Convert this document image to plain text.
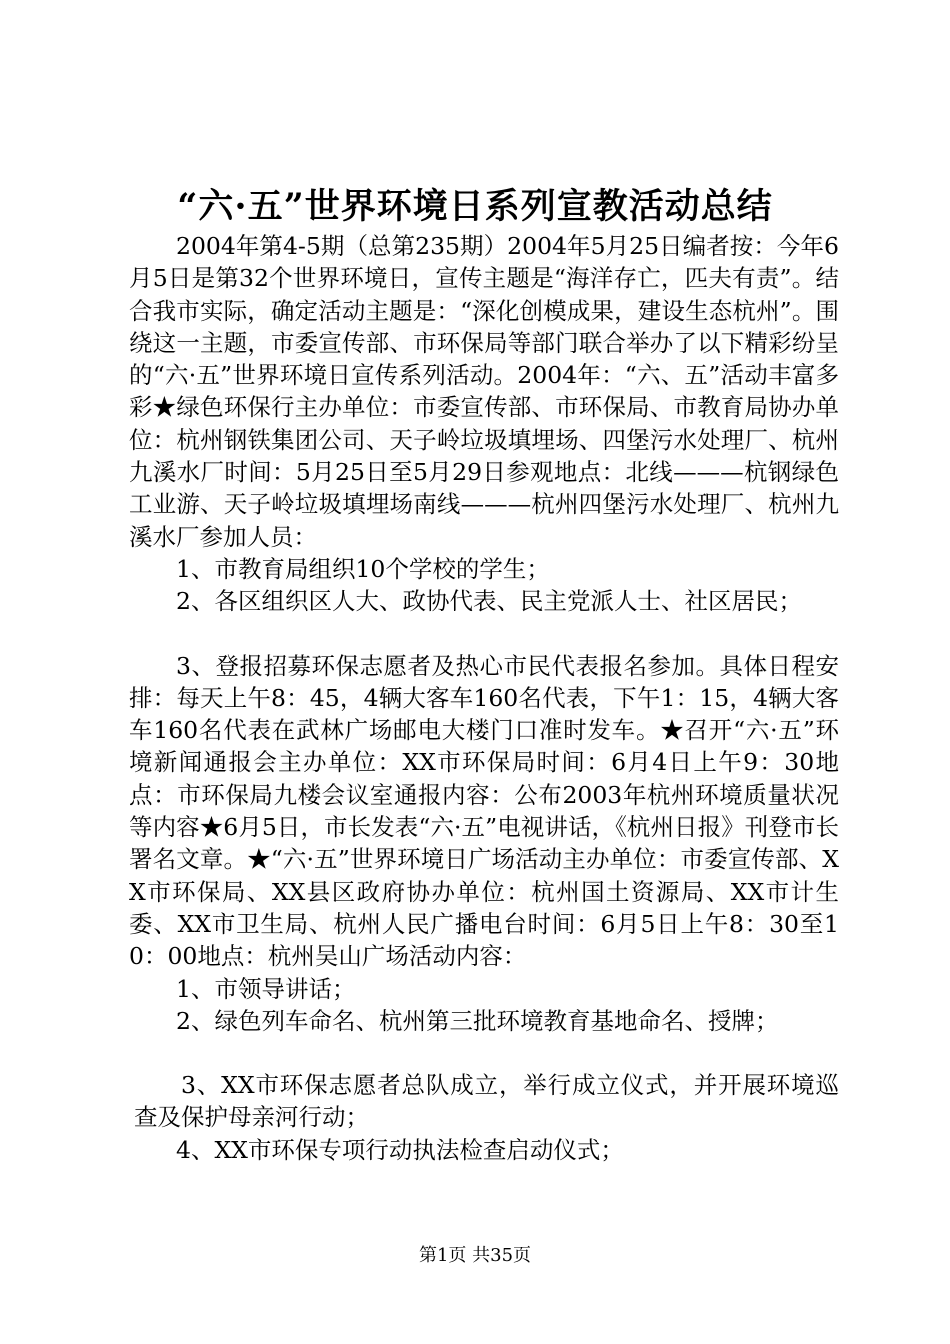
“六·五”世界环境日系列宣教活动总结

2004年第4-5期（总第235期）2004年5月25日编者按：今年6月5日是第32个世界环境日，宣传主题是“海洋存亡，匹夫有责”。结合我市实际，确定活动主题是：“深化创模成果，建设生态杭州”。围绕这一主题，市委宣传部、市环保局等部门联合举办了以下精彩纷呈的“六·五”世界环境日宣传系列活动。2004年：“六、五”活动丰富多彩★绿色环保行主办单位：市委宣传部、市环保局、市教育局协办单位：杭州钢铁集团公司、天子岭垃圾填埋场、四堡污水处理厂、杭州九溪水厂时间：5月25日至5月29日参观地点：北线———杭钢绿色工业游、天子岭垃圾填埋场南线———杭州四堡污水处理厂、杭州九溪水厂参加人员：

1、市教育局组织10个学校的学生；

2、各区组织区人大、政协代表、民主党派人士、社区居民；

3、登报招募环保志愿者及热心市民代表报名参加。具体日程安排：每天上午8：45，4辆大客车160名代表，下午1：15，4辆大客车160名代表在武林广场邮电大楼门口准时发车。★召开“六·五”环境新闻通报会主办单位：XX市环保局时间：6月4日上午9：30地点：市环保局九楼会议室通报内容：公布2003年杭州环境质量状况等内容★6月5日，市长发表“六·五”电视讲话，《杭州日报》刊登市长署名文章。★“六·五”世界环境日广场活动主办单位：市委宣传部、XX市环保局、XX县区政府协办单位：杭州国土资源局、XX市计生委、XX市卫生局、杭州人民广播电台时间：6月5日上午8：30至10：00地点：杭州吴山广场活动内容：

1、市领导讲话；

2、绿色列车命名、杭州第三批环境教育基地命名、授牌；

3、XX市环保志愿者总队成立，举行成立仪式，并开展环境巡查及保护母亲河行动；

4、XX市环保专项行动执法检查启动仪式；

第1页 共35页
